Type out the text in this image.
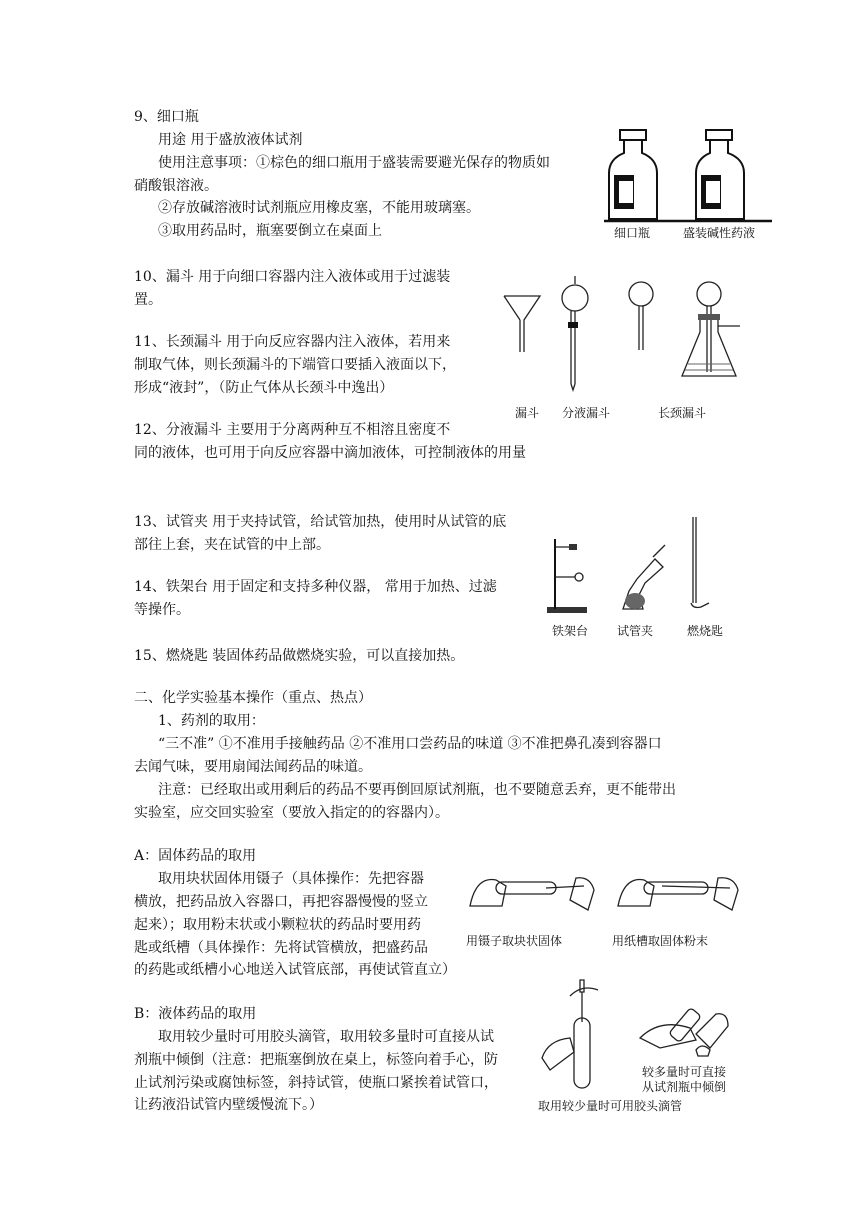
9、细口瓶
用途 用于盛放液体试剂
使用注意事项：①棕色的细口瓶用于盛装需要避光保存的物质如
硝酸银溶液。
②存放碱溶液时试剂瓶应用橡皮塞，不能用玻璃塞。
③取用药品时，瓶塞要倒立在桌面上
10、漏斗 用于向细口容器内注入液体或用于过滤装
置。
11、长颈漏斗 用于向反应容器内注入液体，若用来
制取气体，则长颈漏斗的下端管口要插入液面以下，
形成“液封”，（防止气体从长颈斗中逸出）
12、分液漏斗 主要用于分离两种互不相溶且密度不
同的液体，也可用于向反应容器中滴加液体，可控制液体的用量
13、试管夹 用于夹持试管，给试管加热，使用时从试管的底
部往上套，夹在试管的中上部。
14、铁架台 用于固定和支持多种仪器， 常用于加热、过滤
等操作。
15、燃烧匙 装固体药品做燃烧实验，可以直接加热。
二、化学实验基本操作（重点、热点）
1、药剂的取用：
“三不准” ①不准用手接触药品 ②不准用口尝药品的味道 ③不准把鼻孔凑到容器口
去闻气味，要用扇闻法闻药品的味道。
注意：已经取出或用剩后的药品不要再倒回原试剂瓶，也不要随意丢弃，更不能带出
实验室，应交回实验室（要放入指定的的容器内）。
A：固体药品的取用
取用块状固体用镊子（具体操作：先把容器
横放，把药品放入容器口，再把容器慢慢的竖立
起来）；取用粉末状或小颗粒状的药品时要用药
匙或纸槽（具体操作：先将试管横放，把盛药品
的药匙或纸槽小心地送入试管底部，再使试管直立）
B：液体药品的取用
取用较少量时可用胶头滴管，取用较多量时可直接从试
剂瓶中倾倒（注意：把瓶塞倒放在桌上，标签向着手心，防
止试剂污染或腐蚀标签，斜持试管，使瓶口紧挨着试管口，
让药液沿试管内壁缓慢流下。）
细口瓶	盛装碱性药液
漏斗 分液漏斗	长颈漏斗
铁架台 试管夹	燃烧匙
用镊子取块状固体	用纸槽取固体粉末
较多量时可直接
从试剂瓶中倾倒
取用较少量时可用胶头滴管
